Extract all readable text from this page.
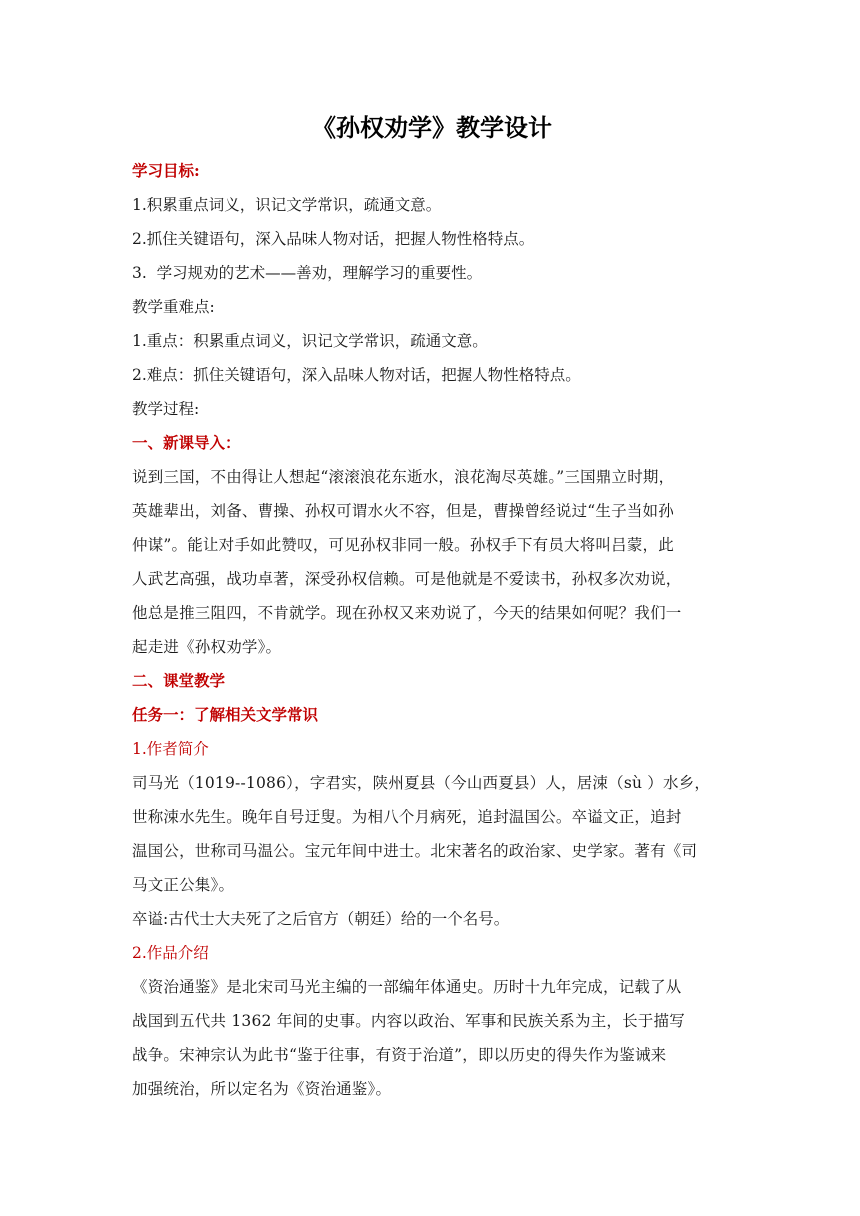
《孙权劝学》教学设计

学习目标:

1.积累重点词义，识记文学常识，疏通文意。

2.抓住关键语句，深入品味人物对话，把握人物性格特点。

3.  学习规劝的艺术——善劝，理解学习的重要性。

教学重难点:

1.重点：积累重点词义，识记文学常识，疏通文意。

2.难点：抓住关键语句，深入品味人物对话，把握人物性格特点。

教学过程:

一、新课导入：

说到三国，不由得让人想起“滚滚浪花东逝水，浪花淘尽英雄。”三国鼎立时期，
英雄辈出，刘备、曹操、孙权可谓水火不容，但是，曹操曾经说过“生子当如孙
仲谋”。能让对手如此赞叹，可见孙权非同一般。孙权手下有员大将叫吕蒙，此
人武艺高强，战功卓著，深受孙权信赖。可是他就是不爱读书，孙权多次劝说，
他总是推三阻四，不肯就学。现在孙权又来劝说了，今天的结果如何呢？我们一
起走进《孙权劝学》。

二、课堂教学

任务一：了解相关文学常识

1.作者简介

司马光（1019--1086），字君实，陕州夏县（今山西夏县）人，居涑（sù ）水乡，
世称涑水先生。晚年自号迂叟。为相八个月病死，追封温国公。卒谥文正，追封
温国公，世称司马温公。宝元年间中进士。北宋著名的政治家、史学家。著有《司
马文正公集》。

卒谥:古代士大夫死了之后官方（朝廷）给的一个名号。

2.作品介绍

《资治通鉴》是北宋司马光主编的一部编年体通史。历时十九年完成，记载了从
战国到五代共 1362 年间的史事。内容以政治、军事和民族关系为主，长于描写
战争。宋神宗认为此书“鉴于往事，有资于治道”，即以历史的得失作为鉴诫来
加强统治，所以定名为《资治通鉴》。
